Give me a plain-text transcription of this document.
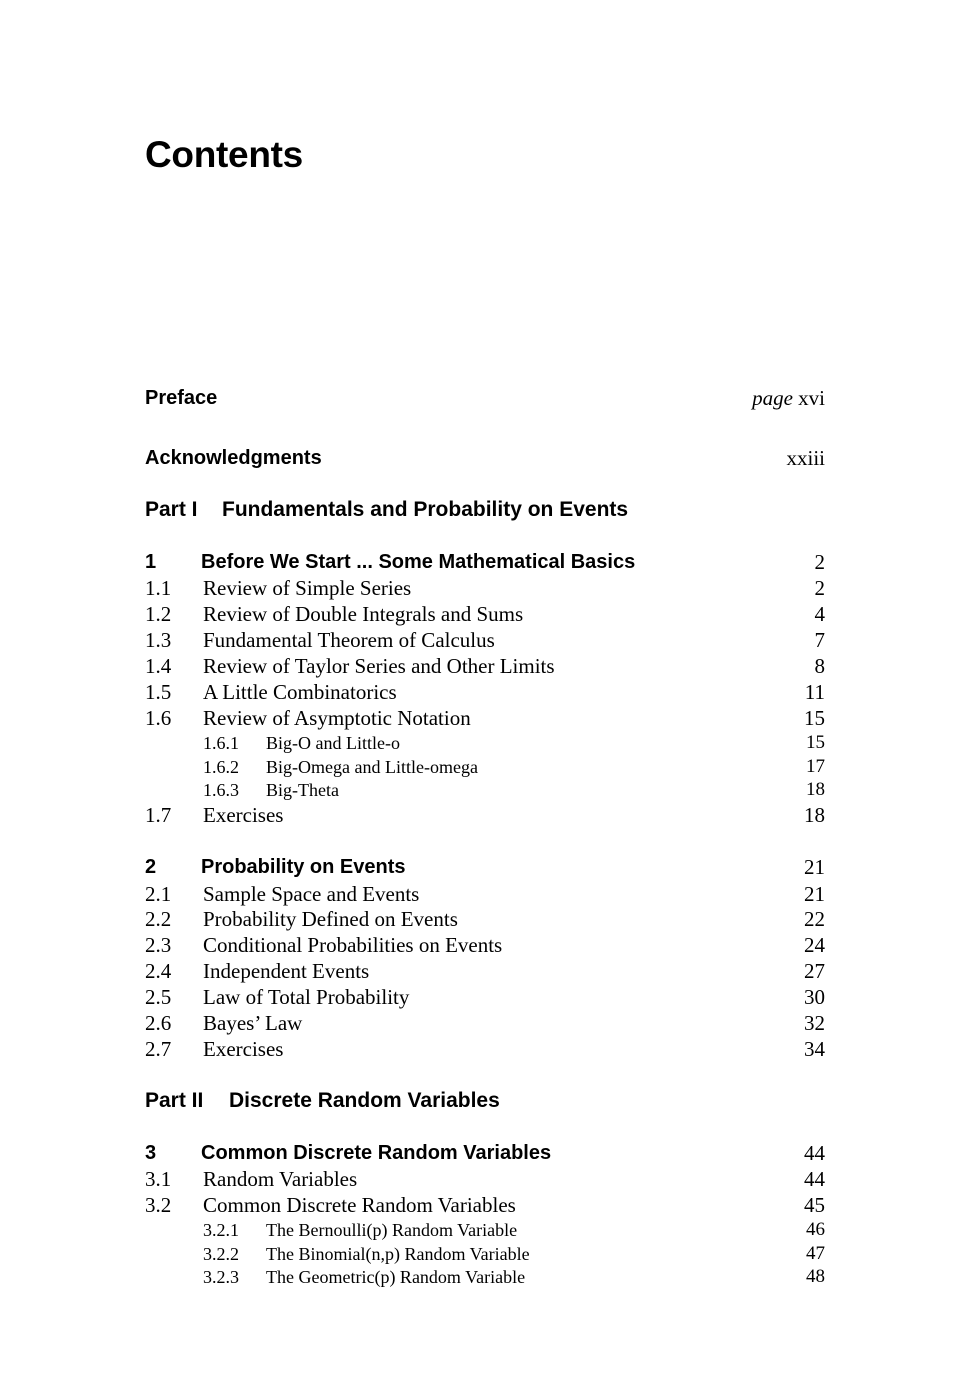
Contents
Preface	page xvi
Acknowledgments	xxiii
Part I Fundamentals and Probability on Events
1 Before We Start ... Some Mathematical Basics	2
1.1 Review of Simple Series	2
1.2 Review of Double Integrals and Sums	4
1.3 Fundamental Theorem of Calculus	7
1.4 Review of Taylor Series and Other Limits	8
1.5 A Little Combinatorics	11
1.6 Review of Asymptotic Notation	15
1.6.1 Big-O and Little-o	15
1.6.2 Big-Omega and Little-omega	17
1.6.3 Big-Theta	18
1.7 Exercises	18
2 Probability on Events	21
2.1 Sample Space and Events	21
2.2 Probability Defined on Events	22
2.3 Conditional Probabilities on Events	24
2.4 Independent Events	27
2.5 Law of Total Probability	30
2.6 Bayes’ Law	32
2.7 Exercises	34
Part II Discrete Random Variables
3 Common Discrete Random Variables	44
3.1 Random Variables	44
3.2 Common Discrete Random Variables	45
3.2.1 The Bernoulli(p) Random Variable	46
3.2.2 The Binomial(n,p) Random Variable	47
3.2.3 The Geometric(p) Random Variable	48
